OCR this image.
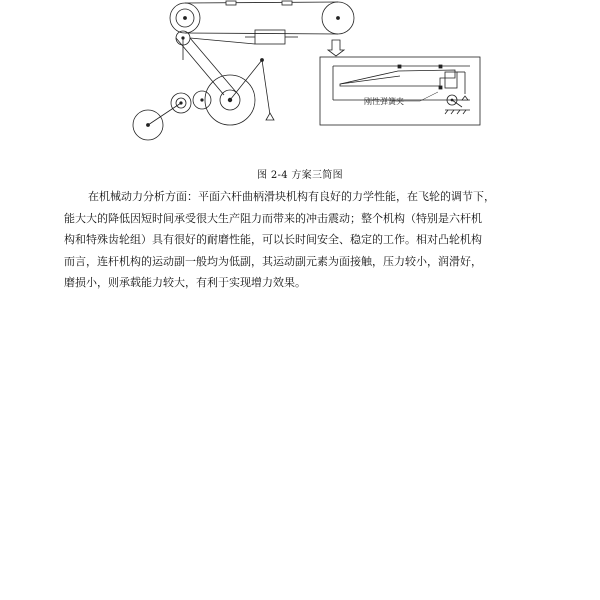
刚性弹簧夹
图 2-4 方案三简图
在机械动力分析方面：平面六杆曲柄滑块机构有良好的力学性能，在飞轮的调节下，
能大大的降低因短时间承受很大生产阻力而带来的冲击震动；整个机构（特别是六杆机
构和特殊齿轮组）具有很好的耐磨性能，可以长时间安全、稳定的工作。相对凸轮机构
而言，连杆机构的运动副一般均为低副，其运动副元素为面接触，压力较小，润滑好，
磨损小，则承载能力较大，有利于实现增力效果。
